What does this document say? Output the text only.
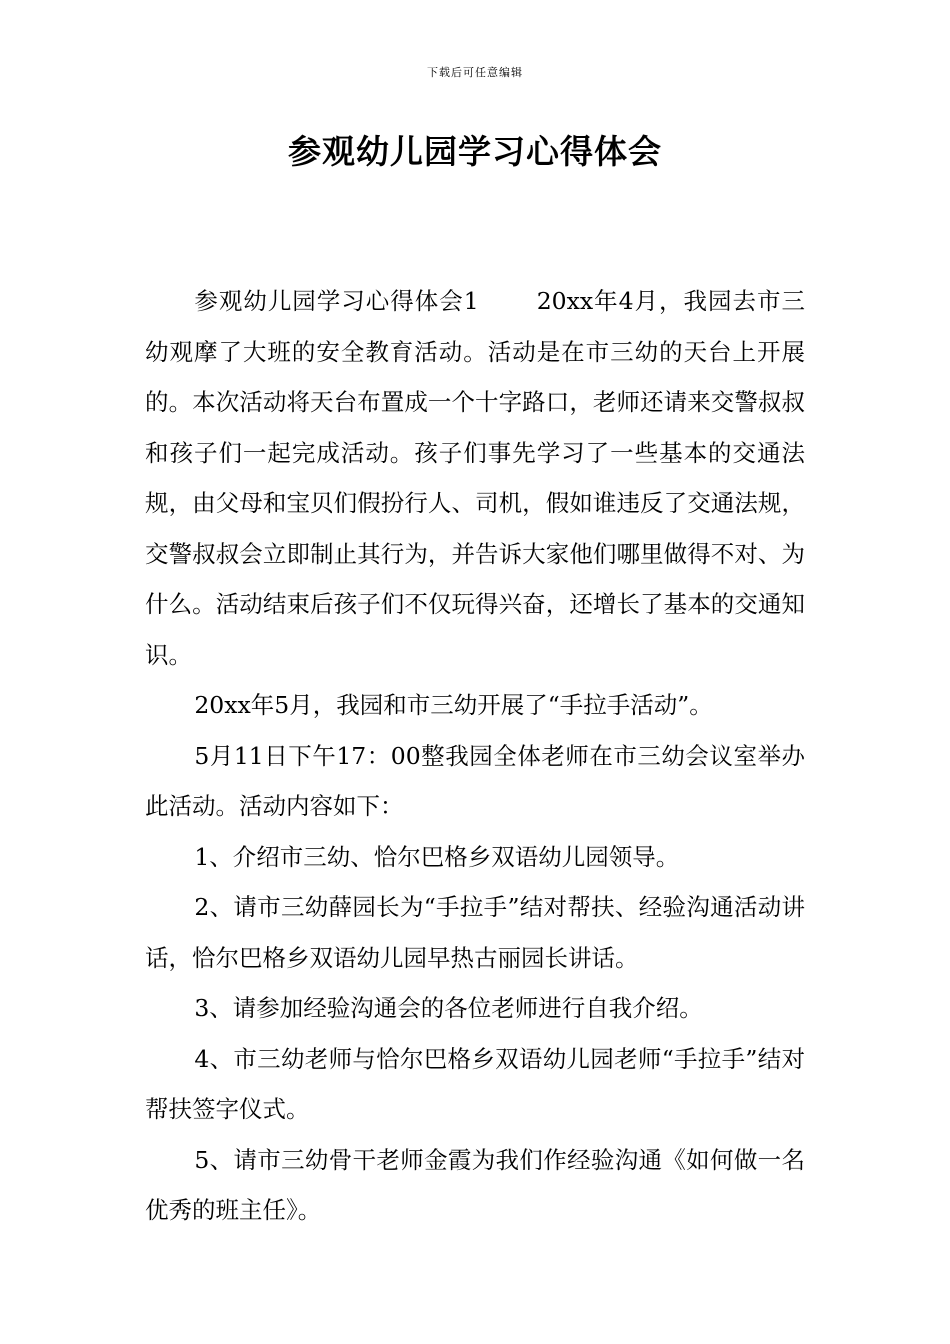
下载后可任意编辑
参观幼儿园学习心得体会

参观幼儿园学习心得体会1 20xx年4月，我园去市三幼观摩了大班的安全教育活动。活动是在市三幼的天台上开展的。本次活动将天台布置成一个十字路口，老师还请来交警叔叔和孩子们一起完成活动。孩子们事先学习了一些基本的交通法规，由父母和宝贝们假扮行人、司机，假如谁违反了交通法规，交警叔叔会立即制止其行为，并告诉大家他们哪里做得不对、为什么。活动结束后孩子们不仅玩得兴奋，还增长了基本的交通知识。

20xx年5月，我园和市三幼开展了“手拉手活动”。

5月11日下午17：00整我园全体老师在市三幼会议室举办此活动。活动内容如下：

1、介绍市三幼、恰尔巴格乡双语幼儿园领导。

2、请市三幼薛园长为“手拉手”结对帮扶、经验沟通活动讲话，恰尔巴格乡双语幼儿园早热古丽园长讲话。

3、请参加经验沟通会的各位老师进行自我介绍。

4、市三幼老师与恰尔巴格乡双语幼儿园老师“手拉手”结对帮扶签字仪式。

5、请市三幼骨干老师金霞为我们作经验沟通《如何做一名优秀的班主任》。
